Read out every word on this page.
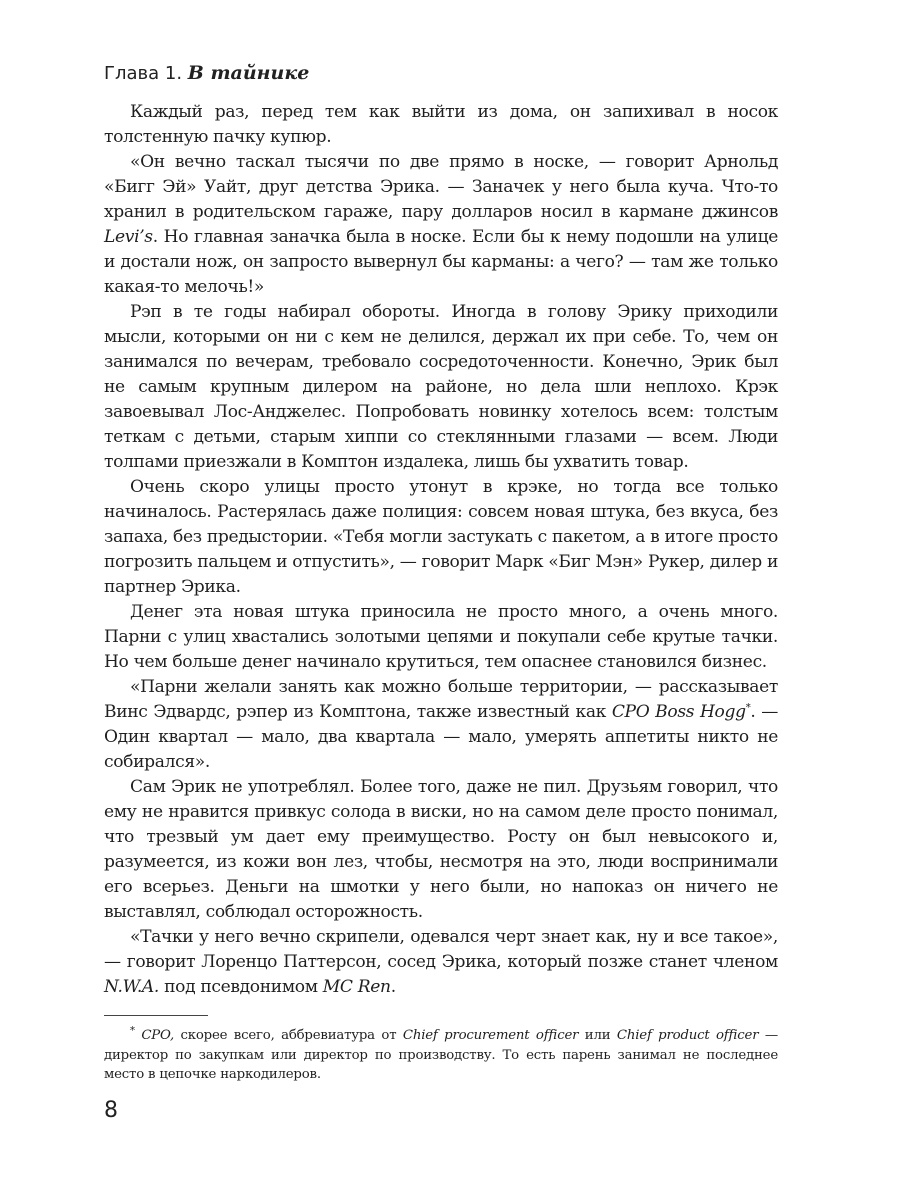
Глава 1. В тайнике

Каждый раз, перед тем как выйти из дома, он запихивал в носок толстенную пачку купюр.

«Он вечно таскал тысячи по две прямо в носке, — говорит Арнольд «Бигг Эй» Уайт, друг детства Эрика. — Заначек у него была куча. Что-то хранил в родительском гараже, пару долларов носил в кармане джинсов Levi’s. Но главная заначка была в носке. Если бы к нему подошли на улице и достали нож, он запросто вывернул бы карманы: а чего? — там же только какая-то мелочь!»

Рэп в те годы набирал обороты. Иногда в голову Эрику приходили мысли, которыми он ни с кем не делился, держал их при себе. То, чем он занимался по вечерам, требовало сосредоточенности. Конечно, Эрик был не самым крупным дилером на районе, но дела шли неплохо. Крэк завоевывал Лос-Анджелес. Попробовать новинку хотелось всем: толстым теткам с детьми, старым хиппи со стеклянными глазами — всем. Люди толпами приезжали в Комптон издалека, лишь бы ухватить товар.

Очень скоро улицы просто утонут в крэке, но тогда все только начиналось. Растерялась даже полиция: совсем новая штука, без вкуса, без запаха, без предыстории. «Тебя могли застукать с пакетом, а в итоге просто погрозить пальцем и отпустить», — говорит Марк «Биг Мэн» Рукер, дилер и партнер Эрика.

Денег эта новая штука приносила не просто много, а очень много. Парни с улиц хвастались золотыми цепями и покупали себе крутые тачки. Но чем больше денег начинало крутиться, тем опаснее становился бизнес.

«Парни желали занять как можно больше территории, — рассказывает Винс Эдвардс, рэпер из Комптона, также известный как CPO Boss Hogg*. — Один квартал — мало, два квартала — мало, умерять аппетиты никто не собирался».

Сам Эрик не употреблял. Более того, даже не пил. Друзьям говорил, что ему не нравится привкус солода в виски, но на самом деле просто понимал, что трезвый ум дает ему преимущество. Росту он был невысокого и, разумеется, из кожи вон лез, чтобы, несмотря на это, люди воспринимали его всерьез. Деньги на шмотки у него были, но напоказ он ничего не выставлял, соблюдал осторожность.

«Тачки у него вечно скрипели, одевался черт знает как, ну и все такое», — говорит Лоренцо Паттерсон, сосед Эрика, который позже станет членом N.W.A. под псевдонимом MC Ren.

* CPO, скорее всего, аббревиатура от Chief procurement officer или Chief product officer — директор по закупкам или директор по производству. То есть парень занимал не последнее место в цепочке наркодилеров.

8
